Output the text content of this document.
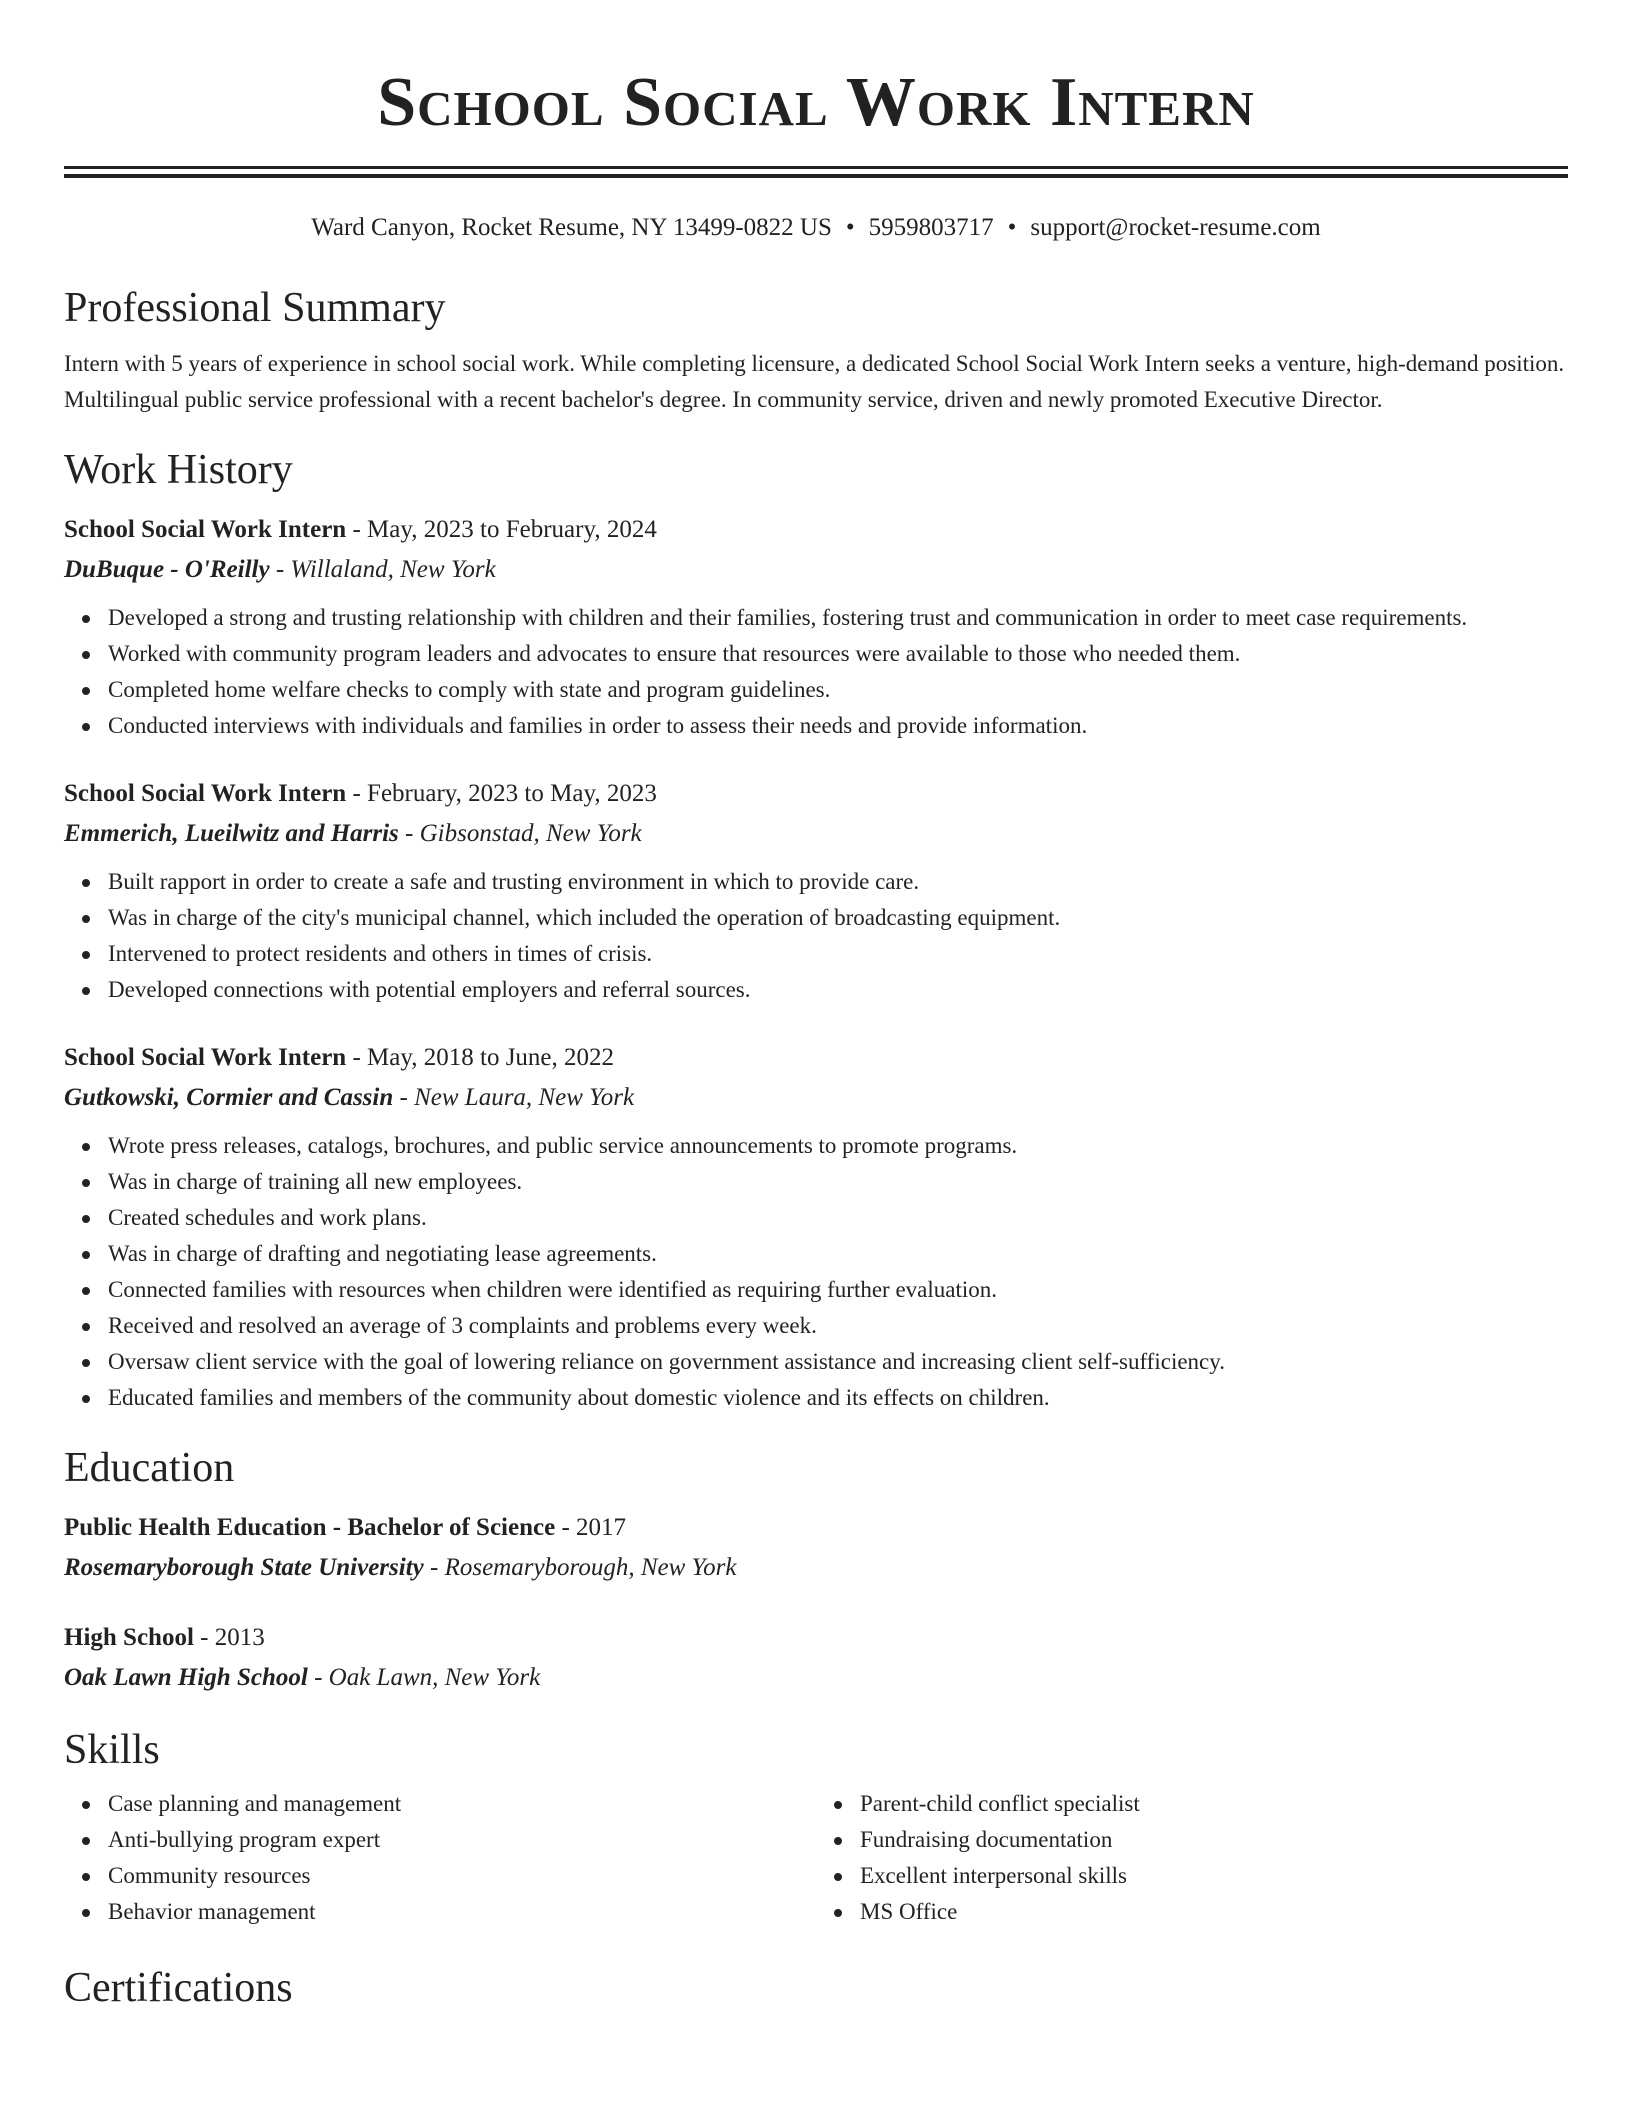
School Social Work Intern
Ward Canyon, Rocket Resume, NY 13499-0822 US • 5959803717 • support@rocket-resume.com
Professional Summary
Intern with 5 years of experience in school social work. While completing licensure, a dedicated School Social Work Intern seeks a venture, high-demand position. Multilingual public service professional with a recent bachelor's degree. In community service, driven and newly promoted Executive Director.
Work History
School Social Work Intern - May, 2023 to February, 2024
DuBuque - O'Reilly - Willaland, New York
Developed a strong and trusting relationship with children and their families, fostering trust and communication in order to meet case requirements.
Worked with community program leaders and advocates to ensure that resources were available to those who needed them.
Completed home welfare checks to comply with state and program guidelines.
Conducted interviews with individuals and families in order to assess their needs and provide information.
School Social Work Intern - February, 2023 to May, 2023
Emmerich, Lueilwitz and Harris - Gibsonstad, New York
Built rapport in order to create a safe and trusting environment in which to provide care.
Was in charge of the city's municipal channel, which included the operation of broadcasting equipment.
Intervened to protect residents and others in times of crisis.
Developed connections with potential employers and referral sources.
School Social Work Intern - May, 2018 to June, 2022
Gutkowski, Cormier and Cassin - New Laura, New York
Wrote press releases, catalogs, brochures, and public service announcements to promote programs.
Was in charge of training all new employees.
Created schedules and work plans.
Was in charge of drafting and negotiating lease agreements.
Connected families with resources when children were identified as requiring further evaluation.
Received and resolved an average of 3 complaints and problems every week.
Oversaw client service with the goal of lowering reliance on government assistance and increasing client self-sufficiency.
Educated families and members of the community about domestic violence and its effects on children.
Education
Public Health Education - Bachelor of Science - 2017
Rosemaryborough State University - Rosemaryborough, New York
High School - 2013
Oak Lawn High School - Oak Lawn, New York
Skills
Case planning and management
Anti-bullying program expert
Community resources
Behavior management
Parent-child conflict specialist
Fundraising documentation
Excellent interpersonal skills
MS Office
Certifications
